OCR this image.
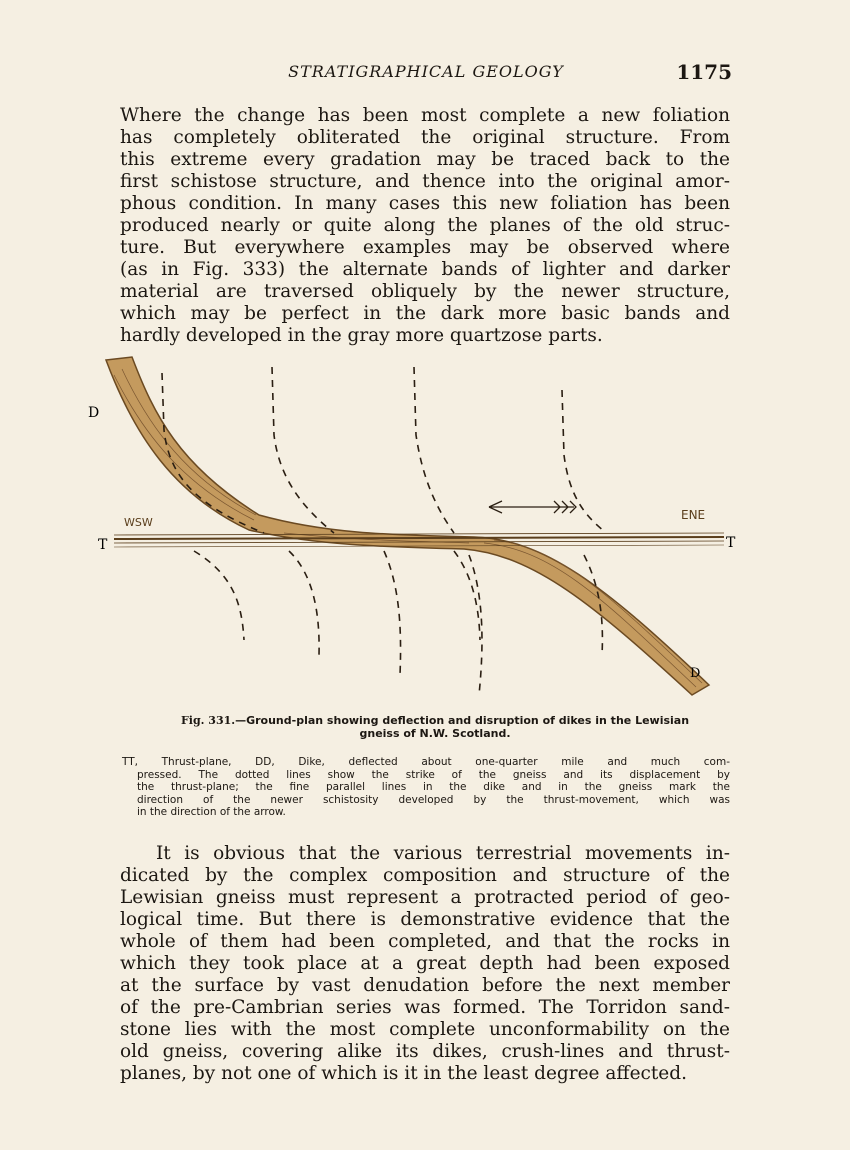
STRATIGRAPHICAL GEOLOGY	1175

Where the change has been most complete a new foliation
has completely obliterated the original structure. From
this extreme every gradation may be traced back to the
first schistose structure, and thence into the original amor-
phous condition. In many cases this new foliation has been
produced nearly or quite along the planes of the old struc-
ture. But everywhere examples may be observed where
(as in Fig. 333) the alternate bands of lighter and darker
material are traversed obliquely by the newer structure,
which may be perfect in the dark more basic bands and
hardly developed in the gray more quartzose parts.

D
T	T
WSW
ENE
D

Fig. 331.—Ground-plan showing deflection and disruption of dikes in the Lewisian
gneiss of N.W. Scotland.

TT, Thrust-plane, DD, Dike, deflected about one-quarter mile and much com-
pressed. The dotted lines show the strike of the gneiss and its displacement by
the thrust-plane; the fine parallel lines in the dike and in the gneiss mark the
direction of the newer schistosity developed by the thrust-movement, which was
in the direction of the arrow.

It is obvious that the various terrestrial movements in-
dicated by the complex composition and structure of the
Lewisian gneiss must represent a protracted period of geo-
logical time. But there is demonstrative evidence that the
whole of them had been completed, and that the rocks in
which they took place at a great depth had been exposed
at the surface by vast denudation before the next member
of the pre-Cambrian series was formed. The Torridon sand-
stone lies with the most complete unconformability on the
old gneiss, covering alike its dikes, crush-lines and thrust-
planes, by not one of which is it in the least degree affected.
